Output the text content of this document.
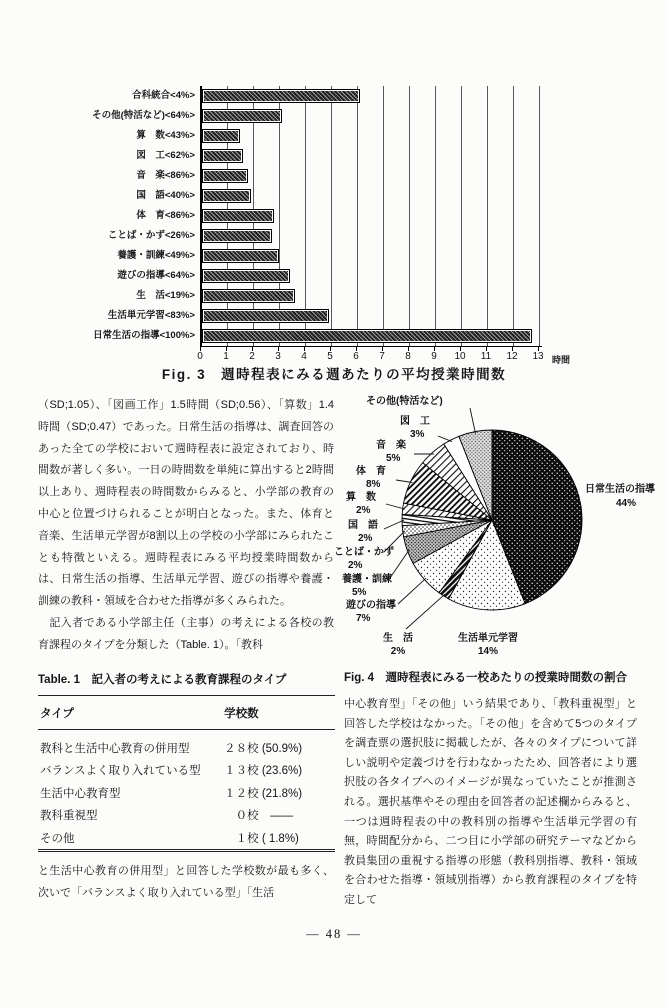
合科統合<4%>
その他(特活など)<64%>
算　数<43%>
図　工<62%>
音　楽<86%>
国　語<40%>
体　育<86%>
ことば・かず<26%>
養護・訓練<49%>
遊びの指導<64%>
生　活<19%>
生活単元学習<83%>
日常生活の指導<100%>
時間
0 1 2 3 4 5 6 7 8 9 10 11 12 13
Fig. 3　週時程表にみる週あたりの平均授業時間数
（SD;1.05）、「図画工作」1.5時間（SD;0.56）、「算数」1.4時間（SD;0.47）であった。日常生活の指導は、調査回答のあった全ての学校において週時程表に設定されており、時間数が著しく多い。一日の時間数を単純に算出すると2時間以上あり、週時程表の時間数からみると、小学部の教育の中心と位置づけられることが明白となった。また、体育と音楽、生活単元学習が8割以上の学校の小学部にみられたことも特徴といえる。週時程表にみる平均授業時間数からは、日常生活の指導、生活単元学習、遊びの指導や養護・訓練の教科・領域を合わせた指導が多くみられた。
　記入者である小学部主任（主事）の考えによる各校の教育課程のタイプを分類した（Table. 1）。「教科
Table. 1　記入者の考えによる教育課程のタイプ
タイプ	学校数
教科と生活中心教育の併用型	２８校 (50.9%)
バランスよく取り入れている型	１３校 (23.6%)
生活中心教育型	１２校 (21.8%)
教科重視型	　０校　――
その他	　１校 ( 1.8%)
と生活中心教育の併用型」と回答した学校数が最も多く、次いで「バランスよく取り入れている型」「生活
日常生活の指導
44%
生活単元学習
14%
生　活
2%
遊びの指導
7%
養護・訓練
5%
ことば・かず
2%
国　語
2%
算　数
2%
体　育
8%
音　楽
5%
図　工
3%
その他(特活など)
Fig. 4　週時程表にみる一校あたりの授業時間数の割合
中心教育型」「その他」いう結果であり、「教科重視型」と回答した学校はなかった。「その他」を含めて5つのタイプを調査票の選択肢に掲載したが、各々のタイプについて詳しい説明や定義づけを行わなかったため、回答者により選択肢の各タイプへのイメージが異なっていたことが推測される。選択基準やその理由を回答者の記述欄からみると、一つは週時程表の中の教科別の指導や生活単元学習の有無，時間配分から、二つ目に小学部の研究テーマなどから教員集団の重視する指導の形態（教科別指導、教科・領域を合わせた指導・領域別指導）から教育課程のタイプを特定して
― 48 ―
